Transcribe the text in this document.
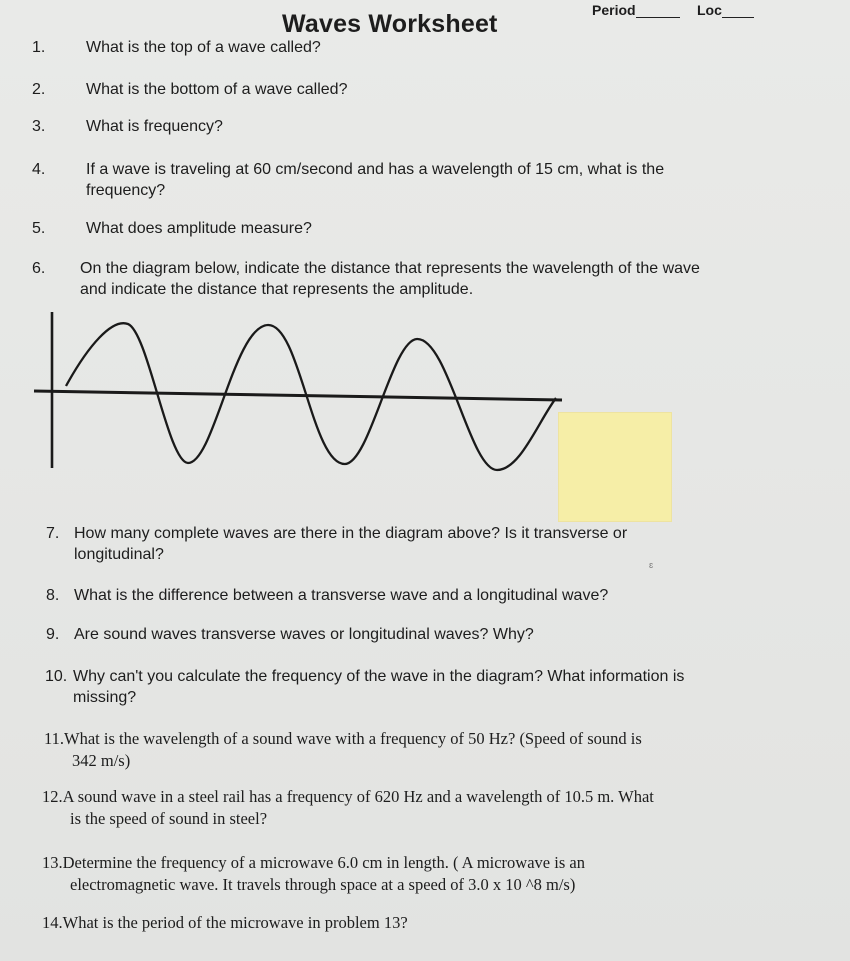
Waves Worksheet	Period	Loc
1.	What is the top of a wave called?
2.	What is the bottom of a wave called?
3.	What is frequency?
4.	If a wave is traveling at 60 cm/second and has a wavelength of 15 cm, what is the
frequency?
5.	What does amplitude measure?
6. On the diagram below, indicate the distance that represents the wavelength of the wave
and indicate the distance that represents the amplitude.
7. How many complete waves are there in the diagram above? Is it transverse or
longitudinal?
ɛ
8. What is the difference between a transverse wave and a longitudinal wave?
9. Are sound waves transverse waves or longitudinal waves? Why?
10. Why can't you calculate the frequency of the wave in the diagram? What information is
missing?
11.What is the wavelength of a sound wave with a frequency of 50 Hz? (Speed of sound is
342 m/s)
12.A sound wave in a steel rail has a frequency of 620 Hz and a wavelength of 10.5 m. What
is the speed of sound in steel?
13.Determine the frequency of a microwave 6.0 cm in length. ( A microwave is an
electromagnetic wave. It travels through space at a speed of 3.0 x 10 ^8 m/s)
14.What is the period of the microwave in problem 13?
